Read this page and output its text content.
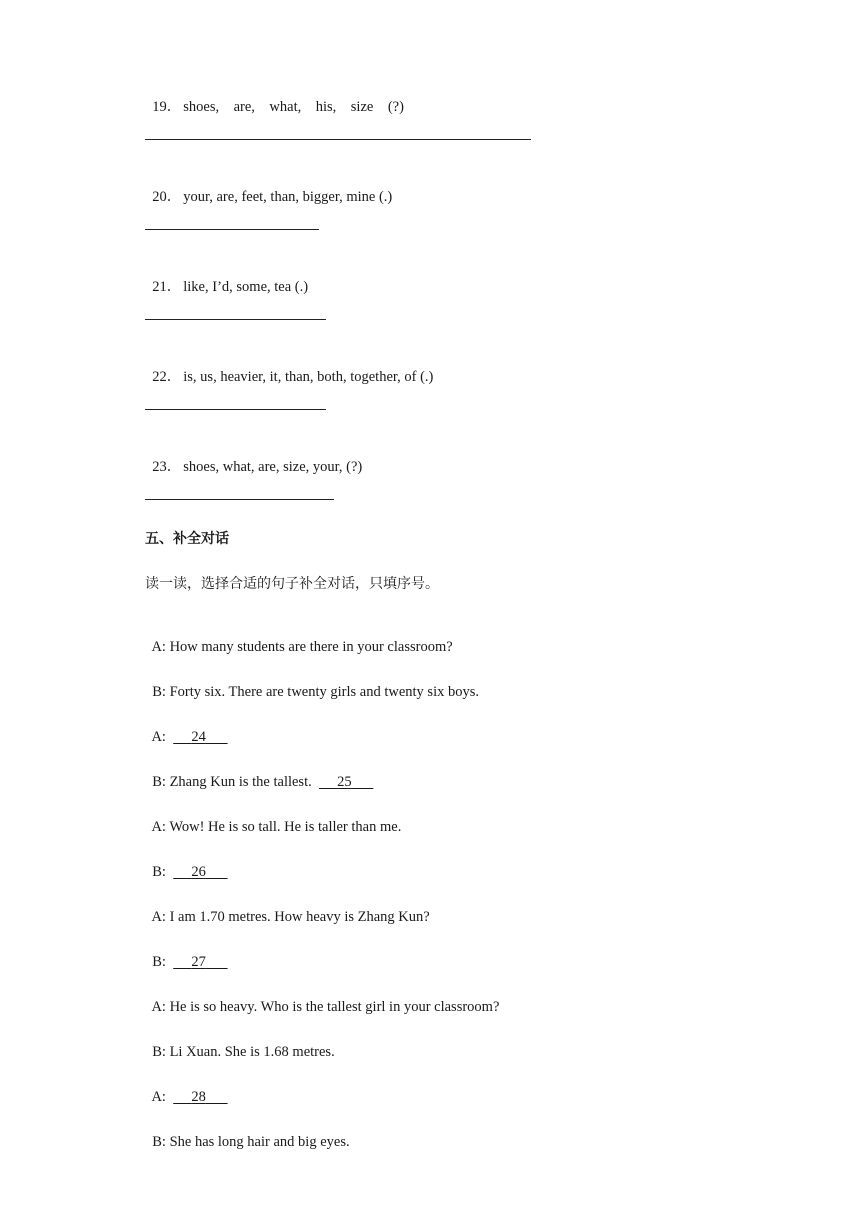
19． shoes,    are,    what,    his,    size    (?)

20． your, are, feet, than, bigger, mine (.)

21． like, I’d, some, tea (.)

22． is, us, heavier, it, than, both, together, of (.)

23． shoes, what, are, size, your, (?)

五、补全对话
读一读，选择合适的句子补全对话，只填序号。

A: How many students are there in your classroom?

B: Forty six. There are twenty girls and twenty six boys.

A: 24

B: Zhang Kun is the tallest. 25

A: Wow! He is so tall. He is taller than me.

B: 26

A: I am 1.70 metres. How heavy is Zhang Kun?

B: 27

A: He is so heavy. Who is the tallest girl in your classroom?

B: Li Xuan. She is 1.68 metres.

A: 28

B: She has long hair and big eyes.
